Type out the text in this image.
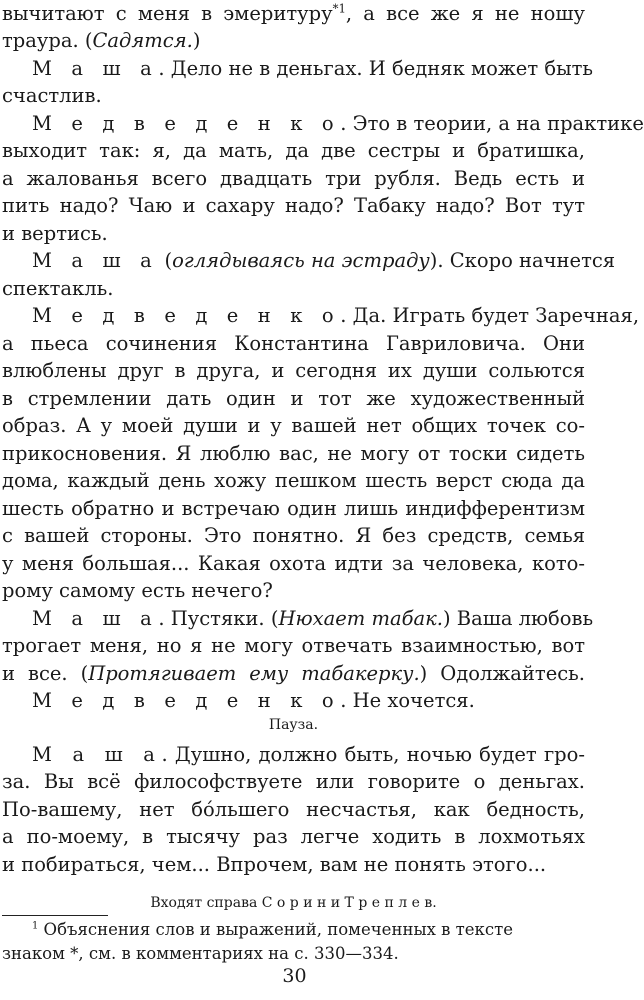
вычитают с меня в эмеритуру$^{*1}$, а все же я не ношу
траура. (Садятся.)
М а ш а. Дело не в деньгах. И бедняк может быть
счастлив.
М е д в е д е н к о. Это в теории, а на практике
выходит так: я, да мать, да две сестры и братишка,
а жалованья всего двадцать три рубля. Ведь есть и
пить надо? Чаю и сахару надо? Табаку надо? Вот тут
и вертись.
М а ш а (оглядываясь на эстраду). Скоро начнется
спектакль.
М е д в е д е н к о. Да. Играть будет Заречная,
а пьеса сочинения Константина Гавриловича. Они
влюблены друг в друга, и сегодня их души сольются
в стремлении дать один и тот же художественный
образ. А у моей души и у вашей нет общих точек со-
прикосновения. Я люблю вас, не могу от тоски сидеть
дома, каждый день хожу пешком шесть верст сюда да
шесть обратно и встречаю один лишь индифферентизм
с вашей стороны. Это понятно. Я без средств, семья
у меня большая... Какая охота идти за человека, кото-
рому самому есть нечего?
М а ш а. Пустяки. (Нюхает табак.) Ваша любовь
трогает меня, но я не могу отвечать взаимностью, вот
и все. (Протягивает ему табакерку.) Одолжайтесь.
М е д в е д е н к о. Не хочется.
Пауза.
М а ш а. Душно, должно быть, ночью будет гро-
за. Вы всё философствуете или говорите о деньгах.
По-вашему, нет бо́льшего несчастья, как бедность,
а по-моему, в тысячу раз легче ходить в лохмотьях
и побираться, чем... Впрочем, вам не понять этого...
Входят справа С о р и н и Т р е п л е в.
$^1$ Объяснения слов и выражений, помеченных в тексте
30
знаком *, см. в комментариях на с. 330—334.
